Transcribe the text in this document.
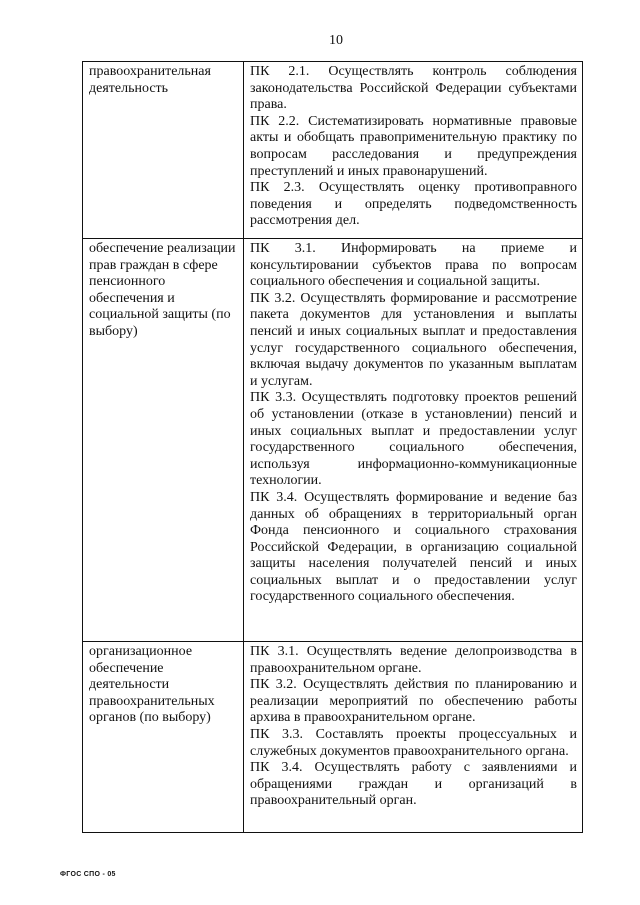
10
правоохранительная деятельность	ПК 2.1. Осуществлять контроль соблюдения законодательства Российской Федерации субъектами права.

ПК 2.2. Систематизировать нормативные правовые акты и обобщать правоприменительную практику по вопросам расследования и предупреждения преступлений и иных правонарушений.

ПК 2.3. Осуществлять оценку противоправного поведения и определять подведомственность рассмотрения дел.

обеспечение реализации прав граждан в сфере пенсионного обеспечения и социальной защиты (по выбору)	ПК 3.1. Информировать на приеме и консультировании субъектов права по вопросам социального обеспечения и социальной защиты.

ПК 3.2. Осуществлять формирование и рассмотрение пакета документов для установления и выплаты пенсий и иных социальных выплат и предоставления услуг государственного социального обеспечения, включая выдачу документов по указанным выплатам и услугам.

ПК 3.3. Осуществлять подготовку проектов решений об установлении (отказе в установлении) пенсий и иных социальных выплат и предоставлении услуг государственного социального обеспечения, используя информационно-коммуникационные технологии.

ПК 3.4. Осуществлять формирование и ведение баз данных об обращениях в территориальный орган Фонда пенсионного и социального страхования Российской Федерации, в организацию социальной защиты населения получателей пенсий и иных социальных выплат и о предоставлении услуг государственного социального обеспечения.

организационное обеспечение деятельности правоохранительных органов (по выбору)	ПК 3.1. Осуществлять ведение делопроизводства в правоохранительном органе.

ПК 3.2. Осуществлять действия по планированию и реализации мероприятий по обеспечению работы архива в правоохранительном органе.

ПК 3.3. Составлять проекты процессуальных и служебных документов правоохранительного органа.

ПК 3.4. Осуществлять работу с заявлениями и обращениями граждан и организаций в правоохранительный орган.

ФГОС СПО - 05
